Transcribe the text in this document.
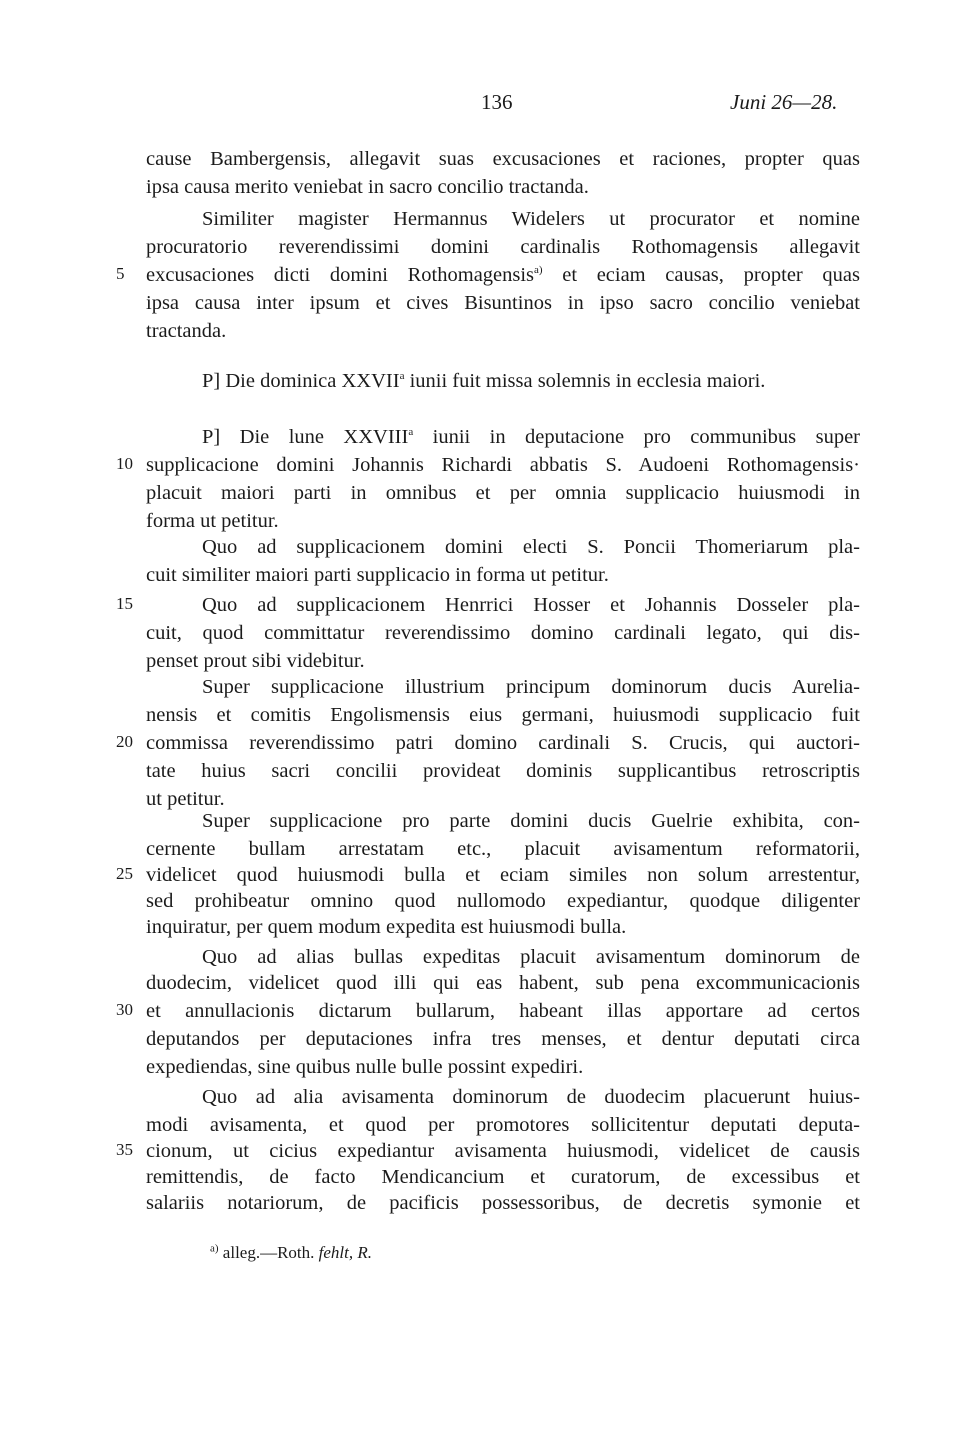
136	Juni 26—28.
cause Bambergensis, allegavit suas excusaciones et raciones, propter quas
ipsa causa merito veniebat in sacro concilio tractanda.
Similiter magister Hermannus Widelers ut procurator et nomine
procuratorio reverendissimi domini cardinalis Rothomagensis allegavit
excusaciones dicti domini Rothomagensis$^{a)}$ et eciam causas, propter quas
5
ipsa causa inter ipsum et cives Bisuntinos in ipso sacro concilio veniebat
tractanda.
P] Die dominica XXVII$^a$ iunii fuit missa solemnis in ecclesia maiori.
P] Die lune XXVIII$^a$ iunii in deputacione pro communibus super
supplicacione domini Johannis Richardi abbatis S. Audoeni Rothomagensis·
10
placuit maiori parti in omnibus et per omnia supplicacio huiusmodi in
forma ut petitur.
Quo ad supplicacionem domini electi S. Poncii Thomeriarum pla-
cuit similiter maiori parti supplicacio in forma ut petitur.
Quo ad supplicacionem Henrrici Hosser et Johannis Dosseler pla-
15
cuit, quod committatur reverendissimo domino cardinali legato, qui dis-
penset prout sibi videbitur.
Super supplicacione illustrium principum dominorum ducis Aurelia-
nensis et comitis Engolismensis eius germani, huiusmodi supplicacio fuit
commissa reverendissimo patri domino cardinali S. Crucis, qui auctori-
20
tate huius sacri concilii provideat dominis supplicantibus retroscriptis
ut petitur.
Super supplicacione pro parte domini ducis Guelrie exhibita, con-
cernente bullam arrestatam etc., placuit avisamentum reformatorii,
videlicet quod huiusmodi bulla et eciam similes non solum arrestentur,
25
sed prohibeatur omnino quod nullomodo expediantur, quodque diligenter
inquiratur, per quem modum expedita est huiusmodi bulla.
Quo ad alias bullas expeditas placuit avisamentum dominorum de
duodecim, videlicet quod illi qui eas habent, sub pena excommunicacionis
et annullacionis dictarum bullarum, habeant illas apportare ad certos
30
deputandos per deputaciones infra tres menses, et dentur deputati circa
expediendas, sine quibus nulle bulle possint expediri.
Quo ad alia avisamenta dominorum de duodecim placuerunt huius-
modi avisamenta, et quod per promotores sollicitentur deputati deputa-
cionum, ut cicius expediantur avisamenta huiusmodi, videlicet de causis
35
remittendis, de facto Mendicancium et curatorum, de excessibus et
salariis notariorum, de pacificis possessoribus, de decretis symonie et
$^{a)}$ alleg.—Roth. fehlt, R.
